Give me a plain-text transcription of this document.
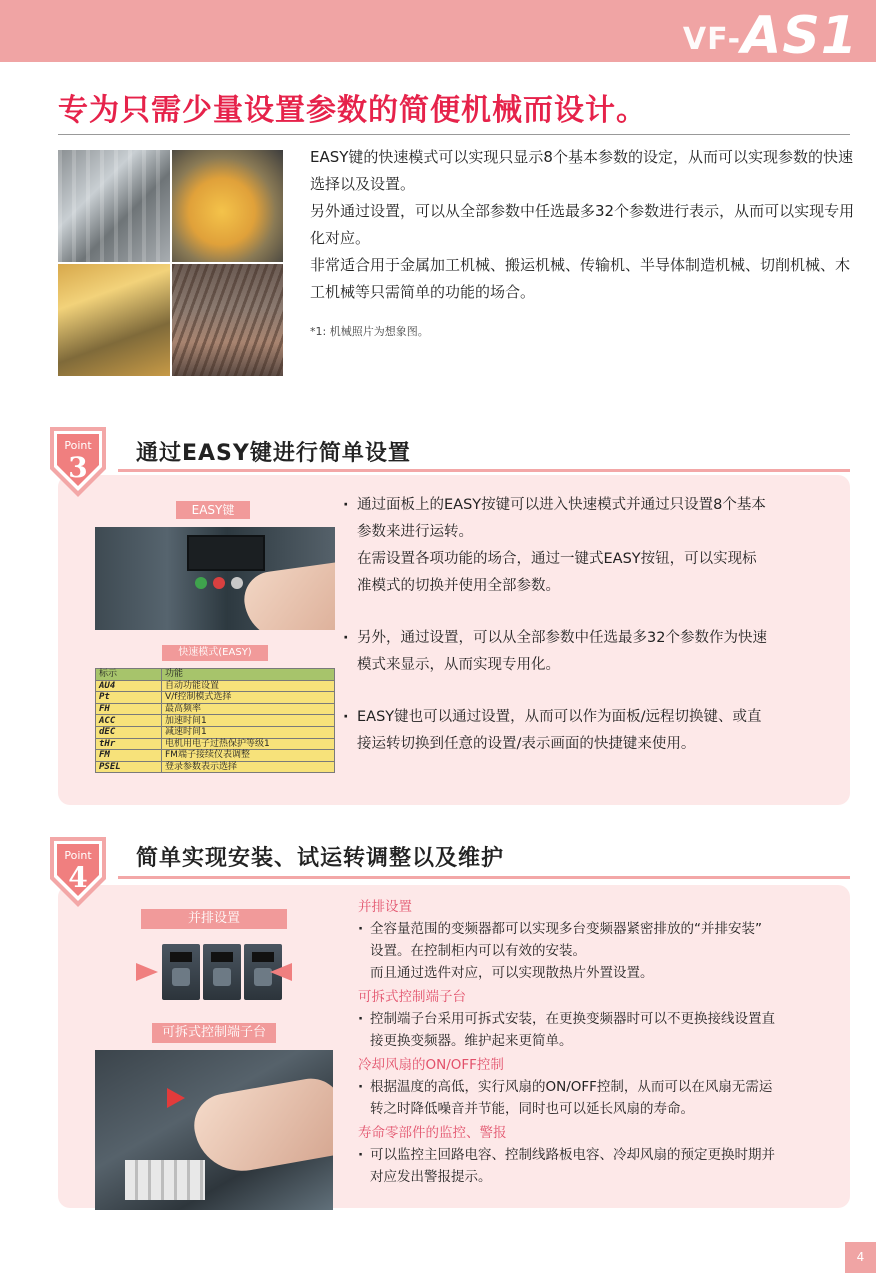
VF-AS1
专为只需少量设置参数的简便机械而设计。

EASY键的快速模式可以实现只显示8个基本参数的设定，从而可以实现参数的快速选择以及设置。

另外通过设置，可以从全部参数中任选最多32个参数进行表示，从而可以实现专用化对应。

非常适合用于金属加工机械、搬运机械、传输机、半导体制造机械、切削机械、木工机械等只需简单的功能的场合。

*1: 机械照片为想象图。
Point
3 通过EASY键进行简单设置
EASY键
快速模式(EASY)
标示	功能
AU4	自动功能设置
Pt	V/f控制模式选择
FH	最高频率
ACC	加速时间1
dEC	减速时间1
tHr	电机用电子过热保护等级1
FM	FM端子接续仪表调整
PSEL	登录参数表示选择
· 通过面板上的EASY按键可以进入快速模式并通过只设置8个基本
参数来进行运转。
在需设置各项功能的场合，通过一键式EASY按钮，可以实现标
准模式的切换并使用全部参数。
· 另外，通过设置，可以从全部参数中任选最多32个参数作为快速
模式来显示，从而实现专用化。
· EASY键也可以通过设置，从而可以作为面板/远程切换键、或直
接运转切换到任意的设置/表示画面的快捷键来使用。
Point
4
简单实现安装、试运转调整以及维护
并排设置
可拆式控制端子台
并排设置
· 全容量范围的变频器都可以实现多台变频器紧密排放的“并排安装”
设置。在控制柜内可以有效的安装。
而且通过选件对应，可以实现散热片外置设置。
可拆式控制端子台
· 控制端子台采用可拆式安装，在更换变频器时可以不更换接线设置直
接更换变频器。维护起来更简单。
冷却风扇的ON/OFF控制
· 根据温度的高低，实行风扇的ON/OFF控制，从而可以在风扇无需运
转之时降低噪音并节能，同时也可以延长风扇的寿命。
寿命零部件的监控、警报
· 可以监控主回路电容、控制线路板电容、冷却风扇的预定更换时期并
对应发出警报提示。
4
